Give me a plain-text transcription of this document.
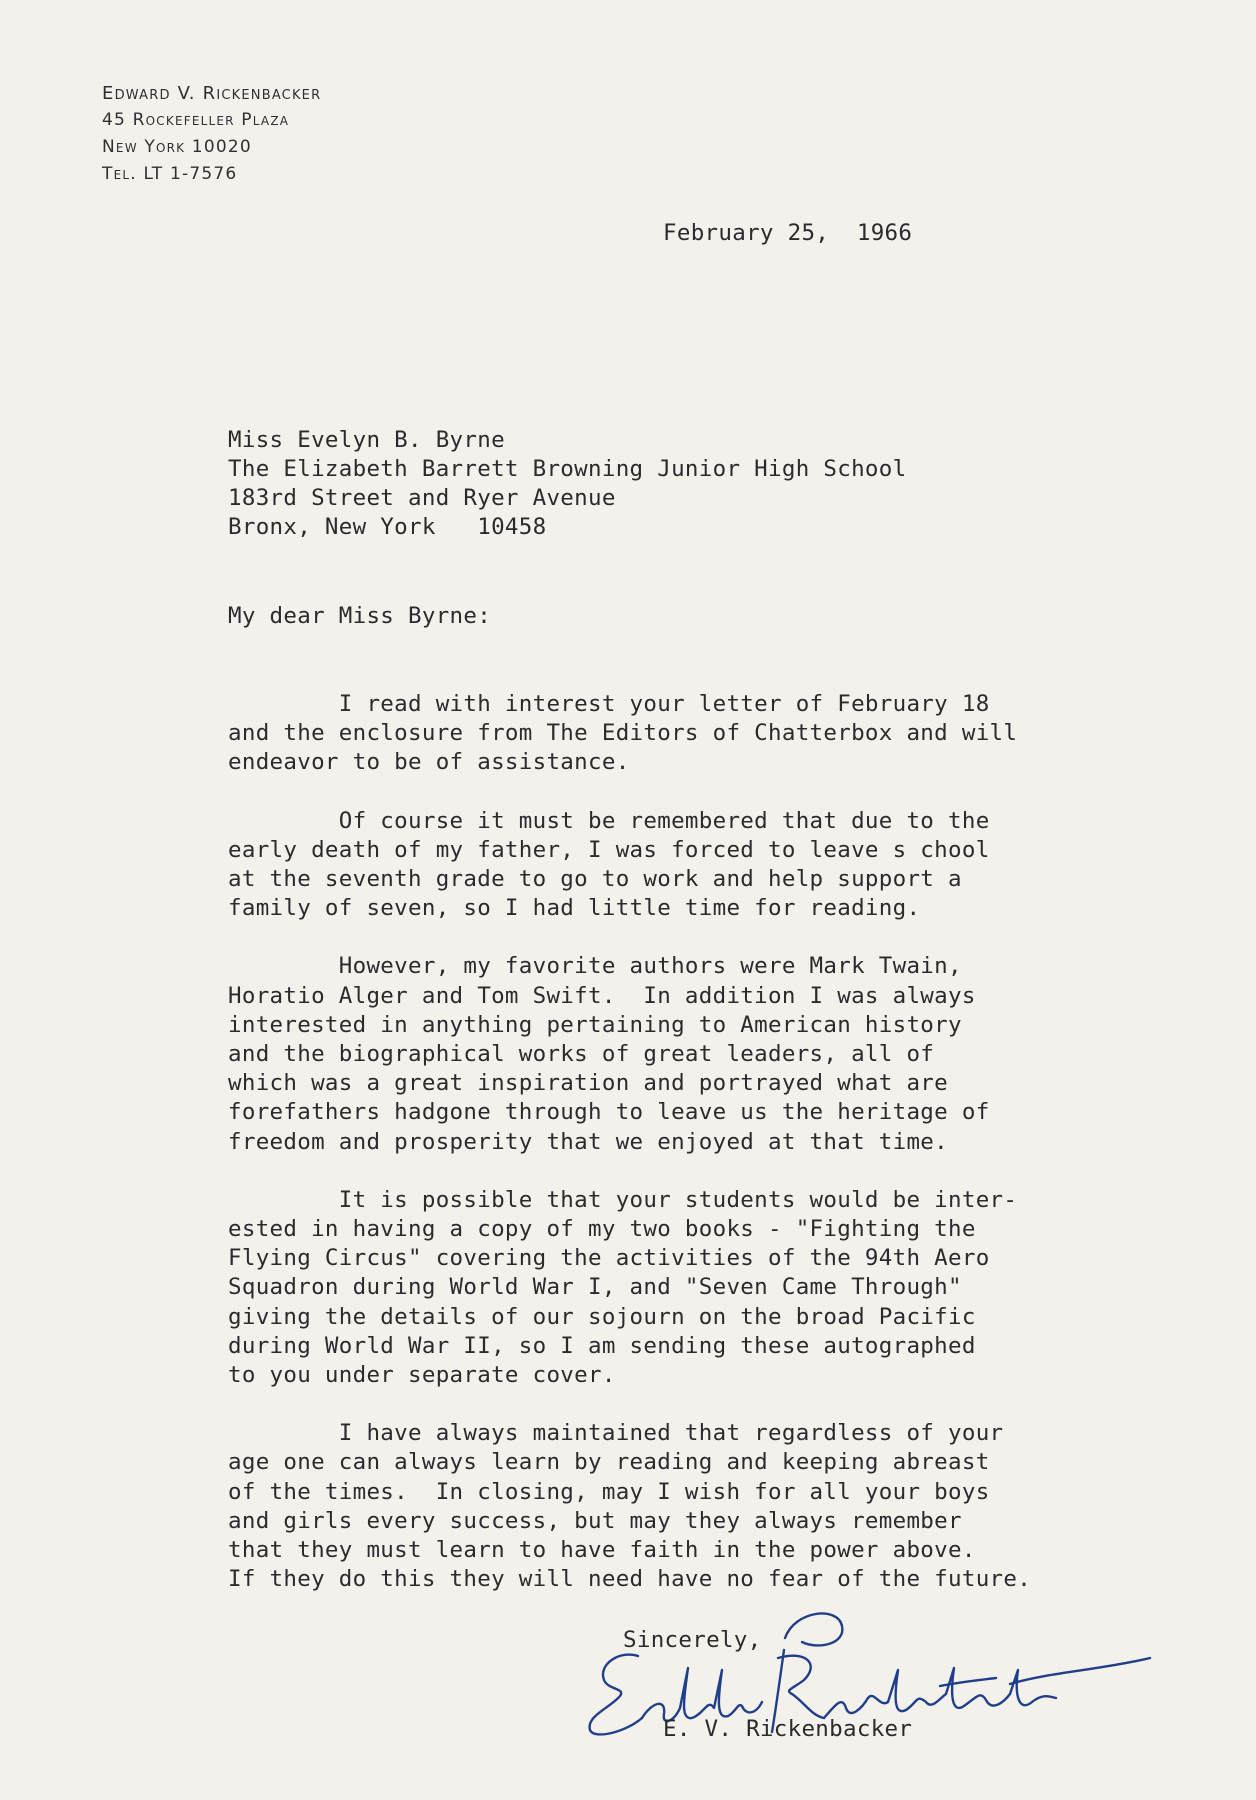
Edward V. Rickenbacker
45 Rockefeller Plaza
New York 10020
Tel. LT 1-7576
February 25,  1966
Miss Evelyn B. Byrne
The Elizabeth Barrett Browning Junior High School
183rd Street and Ryer Avenue
Bronx, New York   10458
My dear Miss Byrne:
I read with interest your letter of February 18
and the enclosure from The Editors of Chatterbox and will
endeavor to be of assistance.
Of course it must be remembered that due to the
early death of my father, I was forced to leave s chool
at the seventh grade to go to work and help support a
family of seven, so I had little time for reading.
However, my favorite authors were Mark Twain,
Horatio Alger and Tom Swift.  In addition I was always
interested in anything pertaining to American history
and the biographical works of great leaders, all of
which was a great inspiration and portrayed what are
forefathers hadgone through to leave us the heritage of
freedom and prosperity that we enjoyed at that time.
It is possible that your students would be inter-
ested in having a copy of my two books - "Fighting the
Flying Circus" covering the activities of the 94th Aero
Squadron during World War I, and "Seven Came Through"
giving the details of our sojourn on the broad Pacific
during World War II, so I am sending these autographed
to you under separate cover.
I have always maintained that regardless of your
age one can always learn by reading and keeping abreast
of the times.  In closing, may I wish for all your boys
and girls every success, but may they always remember
that they must learn to have faith in the power above.
If they do this they will need have no fear of the future.
Sincerely,
E. V. Rickenbacker
